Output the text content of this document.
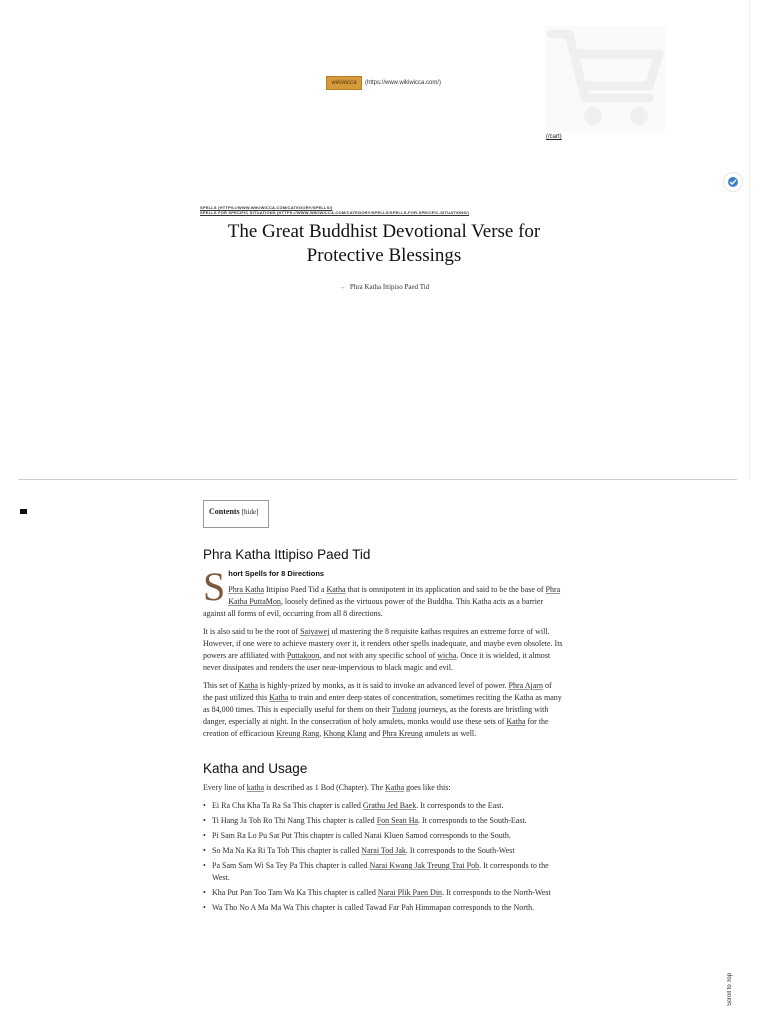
wikiwicca	(https://www.wikiwicca.com/)
(/cart)
SPELLS (HTTPS://WWW.WIKIWICCA.COM/CATEGORY/SPELLS/)
SPELLS FOR SPECIFIC SITUATIONS (HTTPS://WWW.WIKIWICCA.COM/CATEGORY/SPELLS/SPELLS-FOR-SPECIFIC-SITUATIONS/)
The Great Buddhist Devotional Verse for Protective Blessings
→ Phra Katha Ittipiso Paed Tid
Contents [hide]
Phra Katha Ittipiso Paed Tid
S hort Spells for 8 Directions

Phra Katha Ittipiso Paed Tid a Katha that is omnipotent in its application and said to be the base of Phra Katha PuttaMon, loosely defined as the virtuous power of the Buddha. This Katha acts as a barrier against all forms of evil, occurring from all 8 directions.

It is also said to be the root of Saiyawej ıd mastering the 8 requisite kathas requires an extreme force of will. However, if one were to achieve mastery over it, it renders other spells inadequate, and maybe even obsolete. Its powers are affiliated with Puttakoon, and not with any specific school of wicha. Once it is wielded, it almost never dissipates and renders the user near-impervious to black magic and evil.

This set of Katha is highly-prized by monks, as it is said to invoke an advanced level of power. Phra Ajarn of the past utilized this Katha to train and enter deep states of concentration, sometimes reciting the Katha as many as 84,000 times. This is especially useful for them on their Tudong journeys, as the forests are bristling with danger, especially at night. In the consecration of holy amulets, monks would use these sets of Katha for the creation of efficacious Kreung Rang, Khong Klang and Phra Kreung amulets as well.

Katha and Usage

Every line of katha is described as 1 Bod (Chapter). The Katha goes like this:

• Ei Ra Cha Kha Ta Ra Sa This chapter is called Grathu Jed Baek. It corresponds to the East.
• Ti Hang Ja Toh Ro Thi Nang This chapter is called Fon Sean Ha. It corresponds to the South-East.
• Pi Sam Ra Lo Pu Sat Put This chapter is called Narai Kluen Samod corresponds to the South.
• So Ma Na Ka Ri Ta Toh This chapter is called Narai Tod Jak. It corresponds to the South-West
• Pa Sam Sam Wi Sa Tey Pa This chapter is called Narai Kwang Jak Treung Trai Pob. It corresponds to the West.
• Kha Put Pan Too Tam Wa Ka This chapter is called Narai Plik Paen Din. It corresponds to the North-West
• Wa Tho No A Ma Ma Wa This chapter is called Tawad Far Pah Himmapan corresponds to the North.
Scroll to Top
